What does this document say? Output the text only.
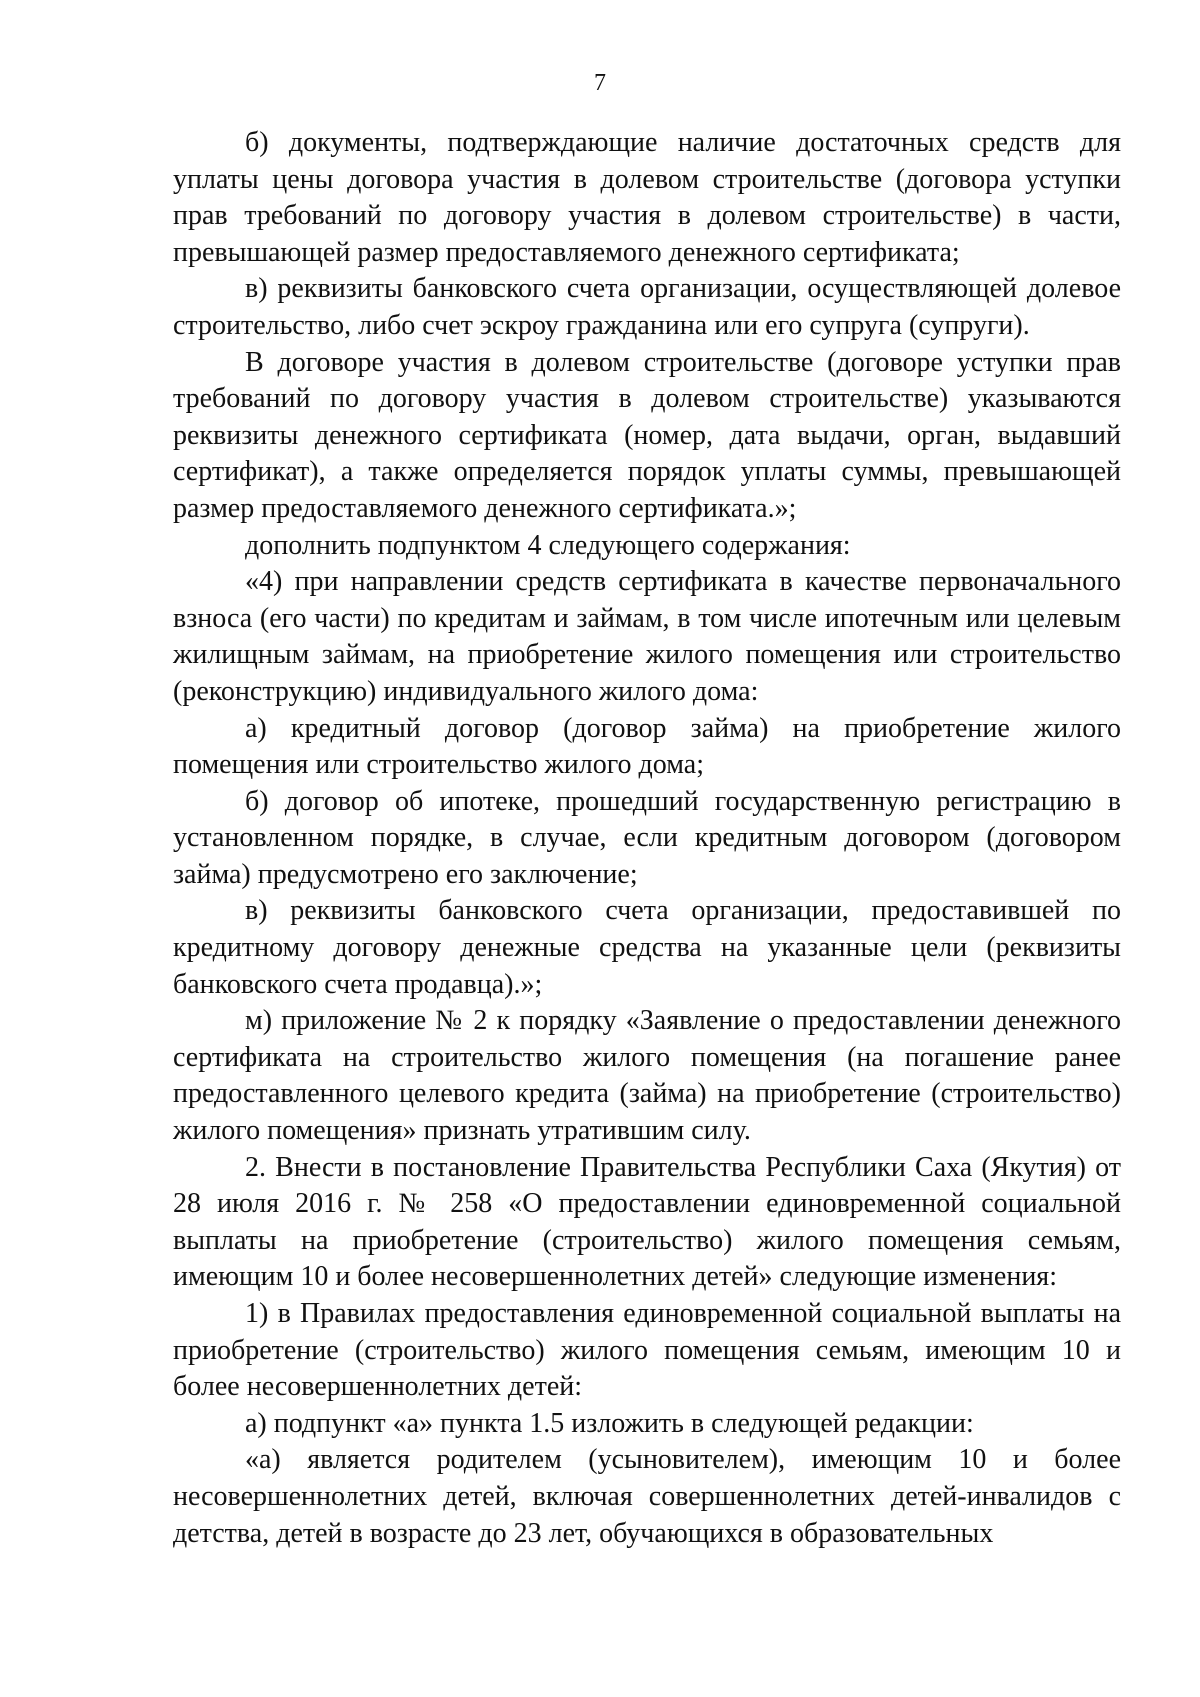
7

б) документы, подтверждающие наличие достаточных средств для уплаты цены договора участия в долевом строительстве (договора уступки прав требований по договору участия в долевом строительстве) в части, превышающей размер предоставляемого денежного сертификата;

в) реквизиты банковского счета организации, осуществляющей долевое строительство, либо счет эскроу гражданина или его супруга (супруги).

В договоре участия в долевом строительстве (договоре уступки прав требований по договору участия в долевом строительстве) указываются реквизиты денежного сертификата (номер, дата выдачи, орган, выдавший сертификат), а также определяется порядок уплаты суммы, превышающей размер предоставляемого денежного сертификата.»;

дополнить подпунктом 4 следующего содержания:

«4) при направлении средств сертификата в качестве первоначального взноса (его части) по кредитам и займам, в том числе ипотечным или целевым жилищным займам, на приобретение жилого помещения или строительство (реконструкцию) индивидуального жилого дома:

а) кредитный договор (договор займа) на приобретение жилого помещения или строительство жилого дома;

б) договор об ипотеке, прошедший государственную регистрацию в установленном порядке, в случае, если кредитным договором (договором займа) предусмотрено его заключение;

в) реквизиты банковского счета организации, предоставившей по кредитному договору денежные средства на указанные цели (реквизиты банковского счета продавца).»;

м) приложение № 2 к порядку «Заявление о предоставлении денежного сертификата на строительство жилого помещения (на погашение ранее предоставленного целевого кредита (займа) на приобретение (строительство) жилого помещения» признать утратившим силу.

2. Внести в постановление Правительства Республики Саха (Якутия) от 28 июля 2016 г. № 258 «О предоставлении единовременной социальной выплаты на приобретение (строительство) жилого помещения семьям, имеющим 10 и более несовершеннолетних детей» следующие изменения:

1) в Правилах предоставления единовременной социальной выплаты на приобретение (строительство) жилого помещения семьям, имеющим 10 и более несовершеннолетних детей:

а) подпункт «а» пункта 1.5 изложить в следующей редакции:

«а) является родителем (усыновителем), имеющим 10 и более несовершеннолетних детей, включая совершеннолетних детей-инвалидов с детства, детей в возрасте до 23 лет, обучающихся в образовательных
